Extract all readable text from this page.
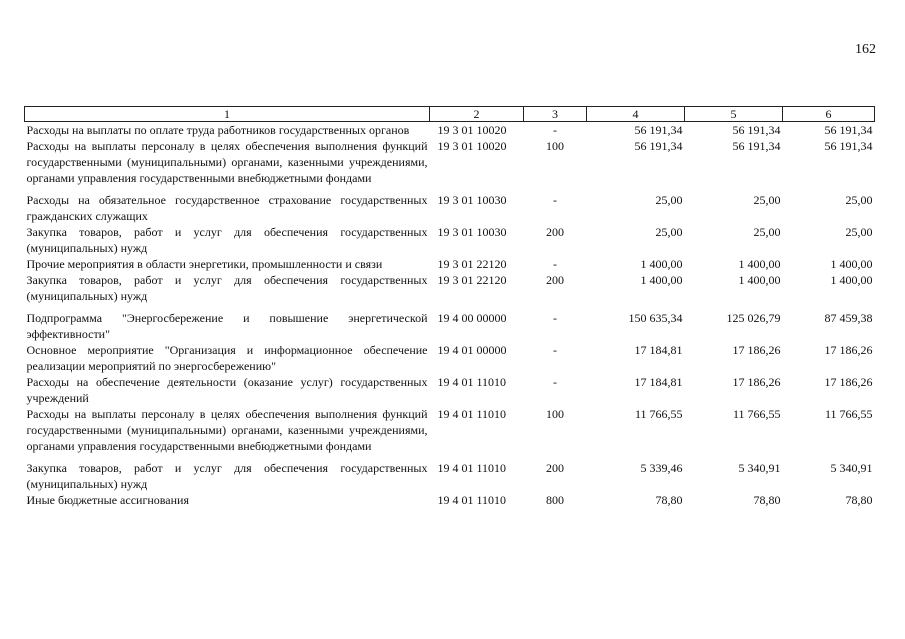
162
1	2	3	4	5	6
Расходы на выплаты по оплате труда работников государственных органов	19 3 01 10020	-	56 191,34	56 191,34	56 191,34
Расходы на выплаты персоналу в целях обеспечения выполнения функций государственными (муниципальными) органами, казенными учреждениями, органами управления государственными внебюджетными фондами	19 3 01 10020	100	56 191,34	56 191,34	56 191,34
Расходы на обязательное государственное страхование государственных гражданских служащих	19 3 01 10030	-	25,00	25,00	25,00
Закупка товаров, работ и услуг для обеспечения государственных (муниципальных) нужд	19 3 01 10030	200	25,00	25,00	25,00
Прочие мероприятия в области энергетики, промышленности и связи	19 3 01 22120	-	1 400,00	1 400,00	1 400,00
Закупка товаров, работ и услуг для обеспечения государственных (муниципальных) нужд	19 3 01 22120	200	1 400,00	1 400,00	1 400,00
Подпрограмма "Энергосбережение и повышение энергетической эффективности"	19 4 00 00000	-	150 635,34	125 026,79	87 459,38
Основное мероприятие "Организация и информационное обеспечение реализации мероприятий по энергосбережению"	19 4 01 00000	-	17 184,81	17 186,26	17 186,26
Расходы на обеспечение деятельности (оказание услуг) государственных учреждений	19 4 01 11010	-	17 184,81	17 186,26	17 186,26
Расходы на выплаты персоналу в целях обеспечения выполнения функций государственными (муниципальными) органами, казенными учреждениями, органами управления государственными внебюджетными фондами	19 4 01 11010	100	11 766,55	11 766,55	11 766,55
Закупка товаров, работ и услуг для обеспечения государственных (муниципальных) нужд	19 4 01 11010	200	5 339,46	5 340,91	5 340,91
Иные бюджетные ассигнования	19 4 01 11010	800	78,80	78,80	78,80
